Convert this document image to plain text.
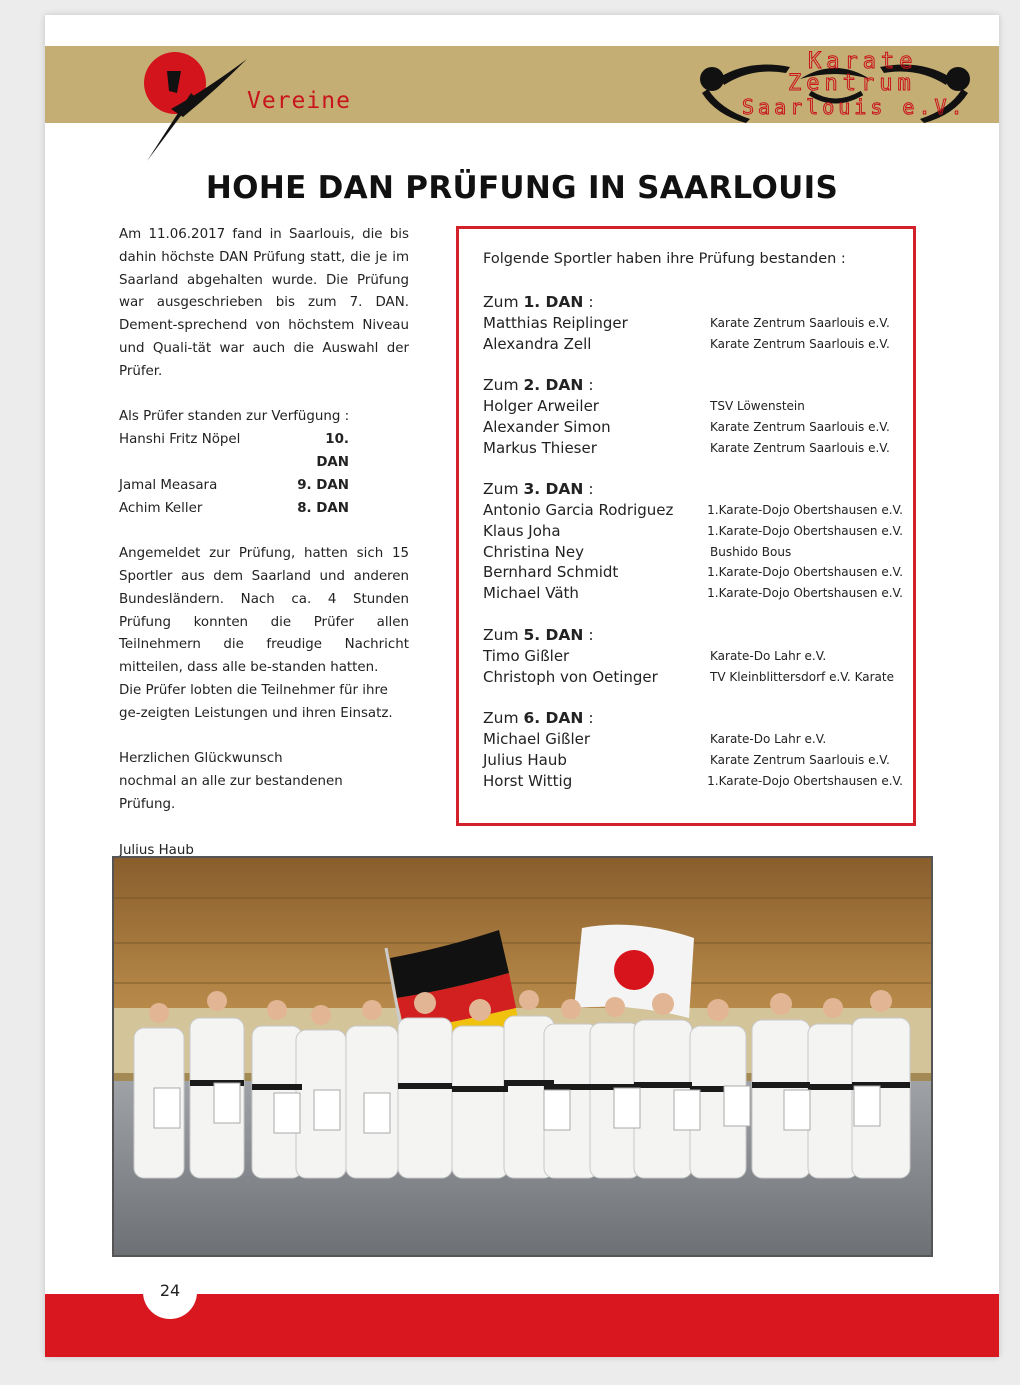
Vereine
Karate
Zentrum
Saarlouis e.V.
HOHE DAN PRÜFUNG IN SAARLOUIS

Am 11.06.2017 fand in Saarlouis, die bis dahin höchste DAN Prüfung statt, die je im Saarland abgehalten wurde. Die Prüfung war ausgeschrieben bis zum 7. DAN. Dement-sprechend von höchstem Niveau und Quali-tät war auch die Auswahl der Prüfer.

Als Prüfer standen zur Verfügung :
Hanshi Fritz Nöpel	10. DAN
Jamal Measara	9. DAN
Achim Keller	8. DAN

Angemeldet zur Prüfung, hatten sich 15 Sportler aus dem Saarland und anderen Bundesländern. Nach ca. 4 Stunden Prüfung konnten die Prüfer allen Teilnehmern die freudige Nachricht mitteilen, dass alle be-standen hatten.

Die Prüfer lobten die Teilnehmer für ihre ge-zeigten Leistungen und ihren Einsatz.

Herzlichen Glückwunsch
nochmal an alle zur bestandenen
Prüfung.
Julius Haub
Folgende Sportler haben ihre Prüfung bestanden :
Zum 1. DAN :
Matthias Reiplinger	Karate Zentrum Saarlouis e.V.
Alexandra Zell	Karate Zentrum Saarlouis e.V.
Zum 2. DAN :
Holger Arweiler	TSV Löwenstein
Alexander Simon	Karate Zentrum Saarlouis e.V.
Markus Thieser	Karate Zentrum Saarlouis e.V.
Zum 3. DAN :
Antonio Garcia Rodriguez	1.Karate-Dojo Obertshausen e.V.
Klaus Joha	1.Karate-Dojo Obertshausen e.V.
Christina Ney	Bushido Bous
Bernhard Schmidt	1.Karate-Dojo Obertshausen e.V.
Michael Väth	1.Karate-Dojo Obertshausen e.V.
Zum 5. DAN :
Timo Gißler	Karate-Do Lahr e.V.
Christoph von Oetinger	TV Kleinblittersdorf e.V. Karate
Zum 6. DAN :
Michael Gißler	Karate-Do Lahr e.V.
Julius Haub	Karate Zentrum Saarlouis e.V.
Horst Wittig	1.Karate-Dojo Obertshausen e.V.
24
